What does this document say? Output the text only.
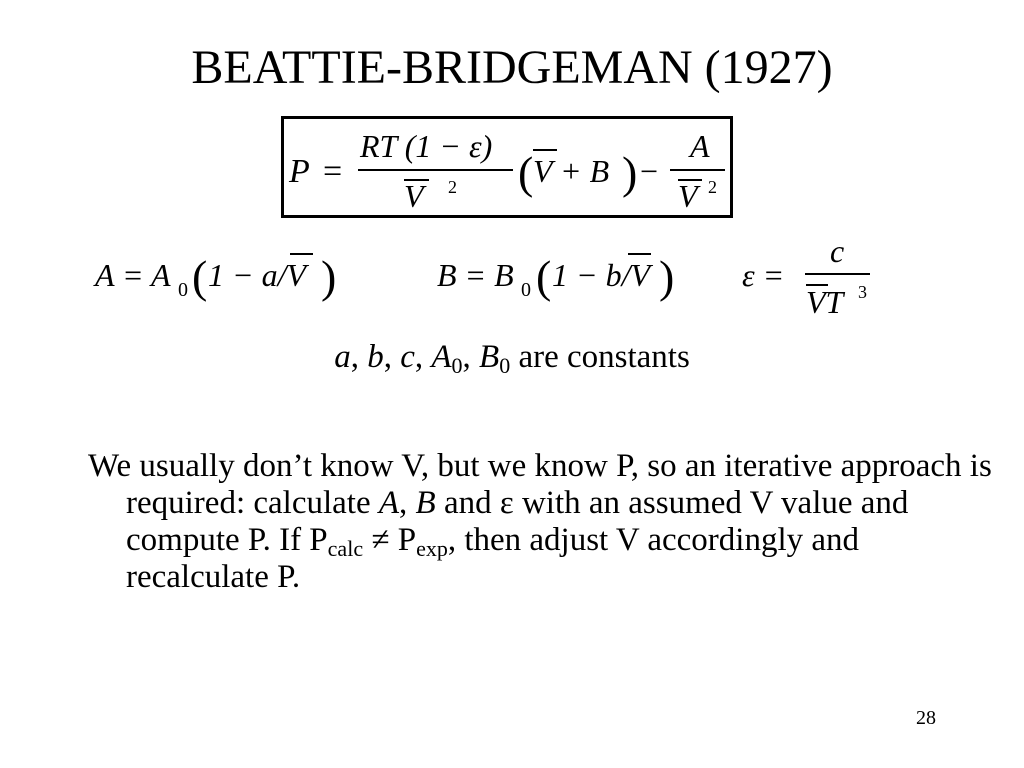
BEATTIE-BRIDGEMAN (1927)
P =
RT (1 − ε)
V 2 ( V + B ) −
A
V 2
A = A 0 ( 1 − a/V )	B = B 0 ( 1 − b/V ) ε =
c
VT 3
a, b, c, $A_0$, $B_0$ are constants
We usually don’t know V, but we know P, so an iterative approach is required: calculate A, B and ε with an assumed V value and compute P. If $P_{calc} \ne P_{exp}$, then adjust V accordingly and recalculate P.
28
